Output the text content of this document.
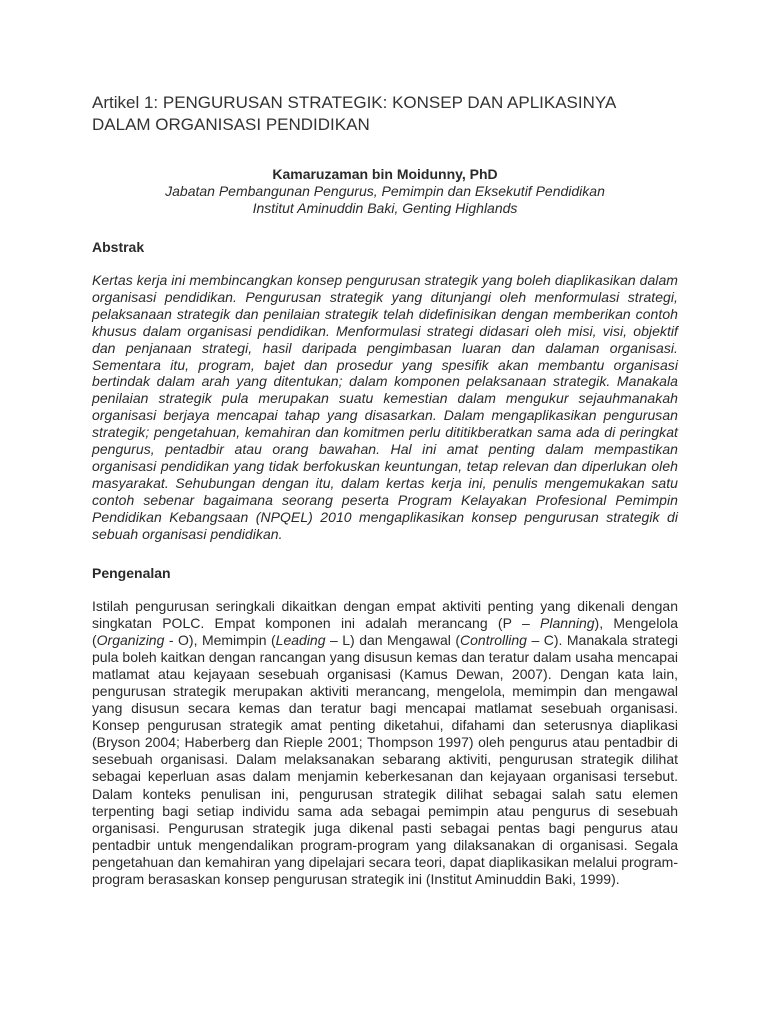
Artikel 1: PENGURUSAN STRATEGIK: KONSEP DAN APLIKASINYA
DALAM ORGANISASI PENDIDIKAN
Kamaruzaman bin Moidunny, PhD
Jabatan Pembangunan Pengurus, Pemimpin dan Eksekutif Pendidikan
Institut Aminuddin Baki, Genting Highlands
Abstrak

Kertas kerja ini membincangkan konsep pengurusan strategik yang boleh diaplikasikan dalam organisasi pendidikan. Pengurusan strategik yang ditunjangi oleh menformulasi strategi, pelaksanaan strategik dan penilaian strategik telah didefinisikan dengan memberikan contoh khusus dalam organisasi pendidikan. Menformulasi strategi didasari oleh misi, visi, objektif dan penjanaan strategi, hasil daripada pengimbasan luaran dan dalaman organisasi. Sementara itu, program, bajet dan prosedur yang spesifik akan membantu organisasi bertindak dalam arah yang ditentukan; dalam komponen pelaksanaan strategik. Manakala penilaian strategik pula merupakan suatu kemestian dalam mengukur sejauhmanakah organisasi berjaya mencapai tahap yang disasarkan. Dalam mengaplikasikan pengurusan strategik; pengetahuan, kemahiran dan komitmen perlu dititikberatkan sama ada di peringkat pengurus, pentadbir atau orang bawahan. Hal ini amat penting dalam mempastikan organisasi pendidikan yang tidak berfokuskan keuntungan, tetap relevan dan diperlukan oleh masyarakat. Sehubungan dengan itu, dalam kertas kerja ini, penulis mengemukakan satu contoh sebenar bagaimana seorang peserta Program Kelayakan Profesional Pemimpin Pendidikan Kebangsaan (NPQEL) 2010 mengaplikasikan konsep pengurusan strategik di sebuah organisasi pendidikan.

Pengenalan

Istilah pengurusan seringkali dikaitkan dengan empat aktiviti penting yang dikenali dengan singkatan POLC. Empat komponen ini adalah merancang (P – Planning), Mengelola (Organizing - O), Memimpin (Leading – L) dan Mengawal (Controlling – C). Manakala strategi pula boleh kaitkan dengan rancangan yang disusun kemas dan teratur dalam usaha mencapai matlamat atau kejayaan sesebuah organisasi (Kamus Dewan, 2007). Dengan kata lain, pengurusan strategik merupakan aktiviti merancang, mengelola, memimpin dan mengawal yang disusun secara kemas dan teratur bagi mencapai matlamat sesebuah organisasi. Konsep pengurusan strategik amat penting diketahui, difahami dan seterusnya diaplikasi (Bryson 2004; Haberberg dan Rieple 2001; Thompson 1997) oleh pengurus atau pentadbir di sesebuah organisasi. Dalam melaksanakan sebarang aktiviti, pengurusan strategik dilihat sebagai keperluan asas dalam menjamin keberkesanan dan kejayaan organisasi tersebut. Dalam konteks penulisan ini, pengurusan strategik dilihat sebagai salah satu elemen terpenting bagi setiap individu sama ada sebagai pemimpin atau pengurus di sesebuah organisasi. Pengurusan strategik juga dikenal pasti sebagai pentas bagi pengurus atau pentadbir untuk mengendalikan program-program yang dilaksanakan di organisasi. Segala pengetahuan dan kemahiran yang dipelajari secara teori, dapat diaplikasikan melalui program-program berasaskan konsep pengurusan strategik ini (Institut Aminuddin Baki, 1999).
